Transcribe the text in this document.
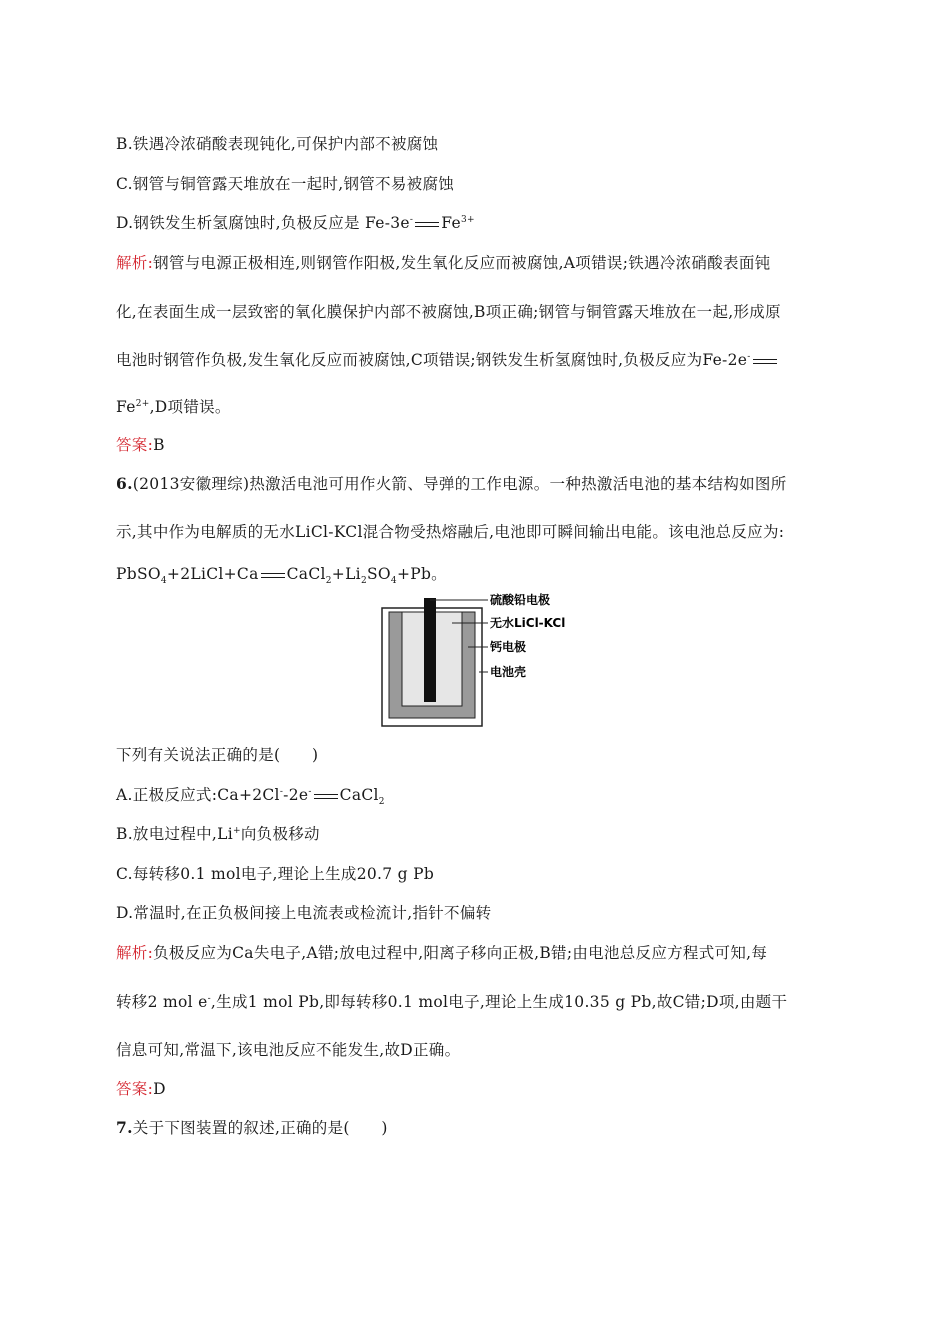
B.铁遇冷浓硝酸表现钝化,可保护内部不被腐蚀
C.钢管与铜管露天堆放在一起时,钢管不易被腐蚀
D.钢铁发生析氢腐蚀时,负极反应是 Fe-3e- $Fe^{3+}$
解析:钢管与电源正极相连,则钢管作阳极,发生氧化反应而被腐蚀,A项错误;铁遇冷浓硝酸表面钝
化,在表面生成一层致密的氧化膜保护内部不被腐蚀,B项正确;钢管与铜管露天堆放在一起,形成原
电池时钢管作负极,发生氧化反应而被腐蚀,C项错误;钢铁发生析氢腐蚀时,负极反应为Fe-2e-
$Fe^{2+},D$项错误。
答案:B
6.(2013安徽理综)热激活电池可用作火箭、导弹的工作电源。一种热激活电池的基本结构如图所
示,其中作为电解质的无水LiCl-KCl混合物受热熔融后,电池即可瞬间输出电能。该电池总反应为:
PbSO$_4$+2LiCl+Ca $CaCl_2+Li_2SO_4+Pb$。
硫酸铅电极
无水LiCl-KCl
钙电极
电池壳
下列有关说法正确的是(　　)
A.正极反应式:Ca+2Cl--2e- CaCl$_2$
B.放电过程中,Li+向负极移动
C.每转移0.1 mol电子,理论上生成20.7 g Pb
D.常温时,在正负极间接上电流表或检流计,指针不偏转
解析:负极反应为Ca失电子,A错;放电过程中,阳离子移向正极,B错;由电池总反应方程式可知,每
转移2 mol e-,生成1 mol Pb,即每转移0.1 mol电子,理论上生成10.35 g Pb,故C错;D项,由题干
信息可知,常温下,该电池反应不能发生,故D正确。
答案:D
7.关于下图装置的叙述,正确的是(　　)
